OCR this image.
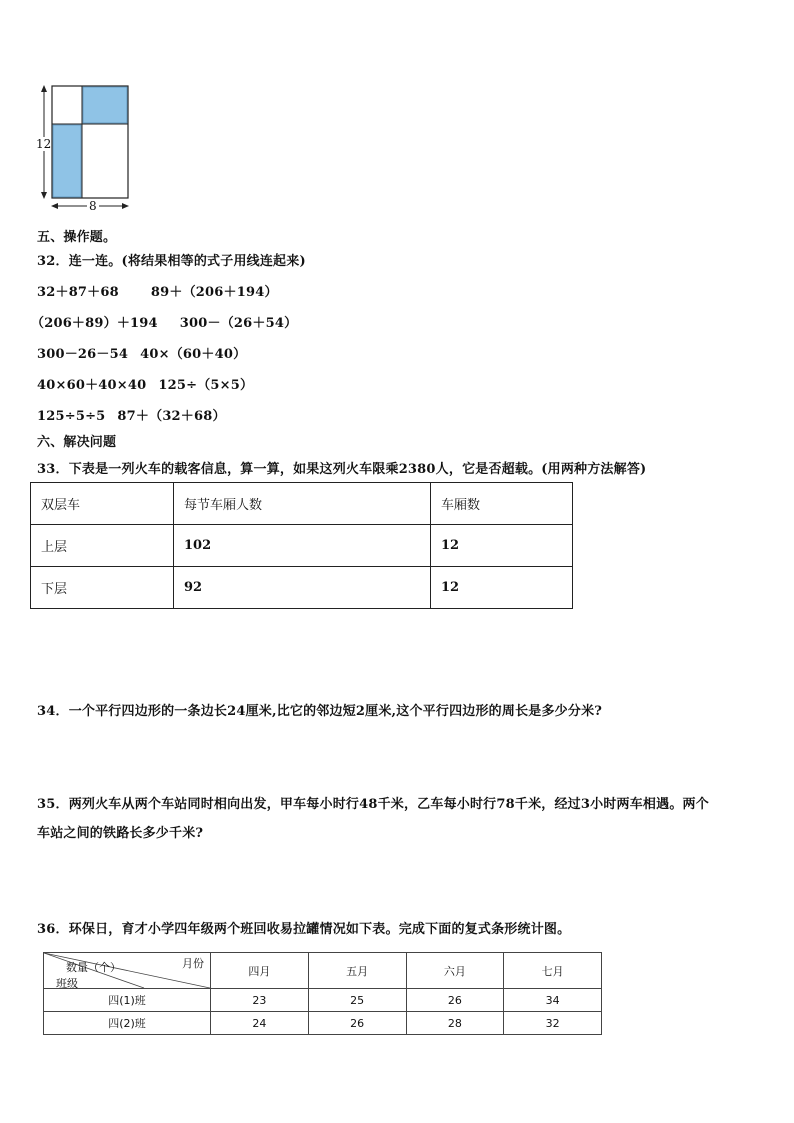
12
8
五、操作题。
32．连一连。(将结果相等的式子用线连起来)
32＋87＋68 89＋（206＋194）
（206＋89）＋194 300－（26＋54）
300－26－54 40×（60＋40）
40×60＋40×40 125÷（5×5）
125÷5÷5 87＋（32＋68）
六、解决问题
33．下表是一列火车的载客信息，算一算，如果这列火车限乘2380人，它是否超载。(用两种方法解答)
双层车	每节车厢人数	车厢数
上层	102	12
下层	92	12
34．一个平行四边形的一条边长24厘米,比它的邻边短2厘米,这个平行四边形的周长是多少分米?
35．两列火车从两个车站同时相向出发，甲车每小时行48千米，乙车每小时行78千米，经过3小时两车相遇。两个
车站之间的铁路长多少千米?
36．环保日，育才小学四年级两个班回收易拉罐情况如下表。完成下面的复式条形统计图。
月份
数量（个）
班级	四月	五月	六月	七月
四(1)班	23	25	26	34
四(2)班	24	26	28	32
